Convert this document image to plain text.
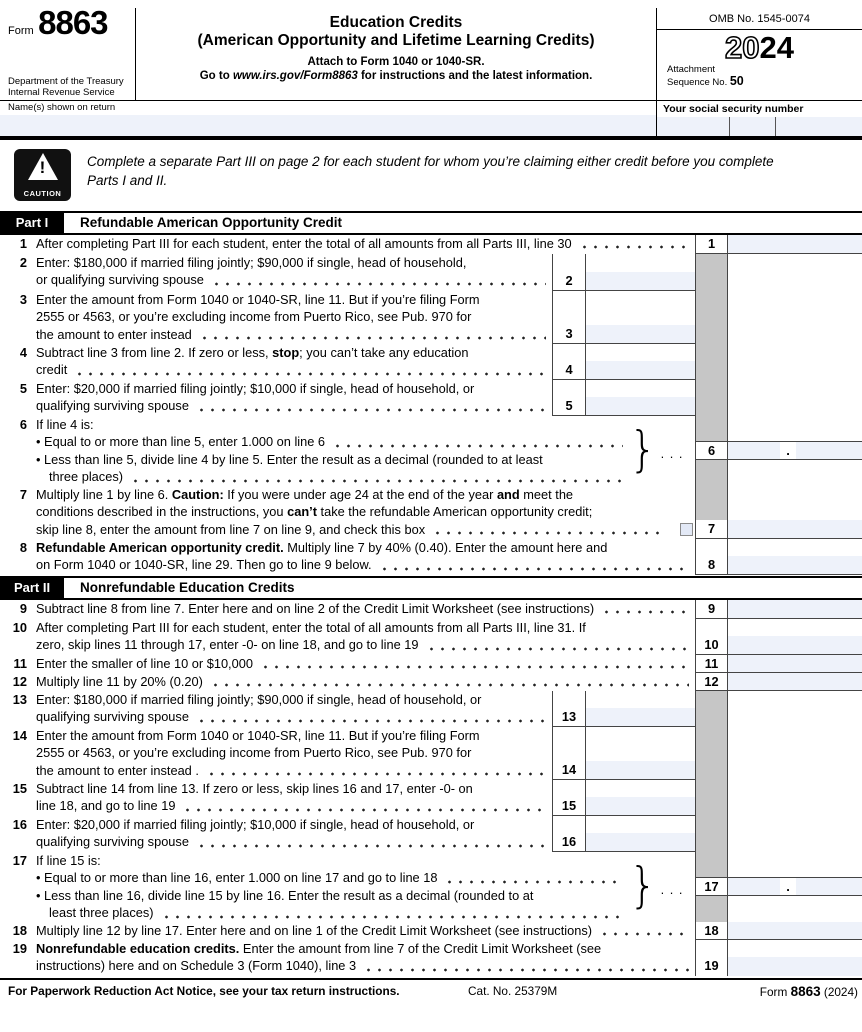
Form 8863
Department of the Treasury
Internal Revenue Service
Education Credits
(American Opportunity and Lifetime Learning Credits)
Attach to Form 1040 or 1040-SR.
Go to www.irs.gov/Form8863 for instructions and the latest information.
OMB No. 1545-0074
2024
Attachment
Sequence No. 50
Name(s) shown on return	Your social security number
!
CAUTION
Complete a separate Part III on page 2 for each student for whom you’re claiming either credit before you complete Parts I and II.
Part I	Refundable American Opportunity Credit
1 After completing Part III for each student, enter the total of all amounts from all Parts III, line 30	1
2 Enter: $180,000 if married filing jointly; $90,000 if single, head of household,
or qualifying surviving spouse	2
3 Enter the amount from Form 1040 or 1040-SR, line 11. But if you’re filing Form
2555 or 4563, or you’re excluding income from Puerto Rico, see Pub. 970 for
the amount to enter instead	3
4 Subtract line 3 from line 2. If zero or less, stop; you can’t take any education
credit	4
5 Enter: $20,000 if married filing jointly; $10,000 if single, head of household, or
qualifying surviving spouse	5
6 If line 4 is:
• Equal to or more than line 5, enter 1.000 on line 6
• Less than line 5, divide line 4 by line 5. Enter the result as a decimal (rounded to at least
three places)	} . . .	6	.
7 Multiply line 1 by line 6. Caution: If you were under age 24 at the end of the year and meet the
conditions described in the instructions, you can’t take the refundable American opportunity credit;
skip line 8, enter the amount from line 7 on line 9, and check this box	7
8 Refundable American opportunity credit. Multiply line 7 by 40% (0.40). Enter the amount here and
on Form 1040 or 1040-SR, line 29. Then go to line 9 below.	8
Part II	Nonrefundable Education Credits
9 Subtract line 8 from line 7. Enter here and on line 2 of the Credit Limit Worksheet (see instructions)	9
10 After completing Part III for each student, enter the total of all amounts from all Parts III, line 31. If
zero, skip lines 11 through 17, enter -0- on line 18, and go to line 19	10
11 Enter the smaller of line 10 or $10,000	11
12 Multiply line 11 by 20% (0.20)	12
13 Enter: $180,000 if married filing jointly; $90,000 if single, head of household, or
qualifying surviving spouse	13
14 Enter the amount from Form 1040 or 1040-SR, line 11. But if you’re filing Form
2555 or 4563, or you’re excluding income from Puerto Rico, see Pub. 970 for
the amount to enter instead .	14
15 Subtract line 14 from line 13. If zero or less, skip lines 16 and 17, enter -0- on
line 18, and go to line 19	15
16 Enter: $20,000 if married filing jointly; $10,000 if single, head of household, or
qualifying surviving spouse	16
17 If line 15 is:
• Equal to or more than line 16, enter 1.000 on line 17 and go to line 18
• Less than line 16, divide line 15 by line 16. Enter the result as a decimal (rounded to at
least three places)	} . . .	17	.
18 Multiply line 12 by line 17. Enter here and on line 1 of the Credit Limit Worksheet (see instructions)	18
19 Nonrefundable education credits. Enter the amount from line 7 of the Credit Limit Worksheet (see
instructions) here and on Schedule 3 (Form 1040), line 3	19
For Paperwork Reduction Act Notice, see your tax return instructions.	Cat. No. 25379M	Form 8863 (2024)
